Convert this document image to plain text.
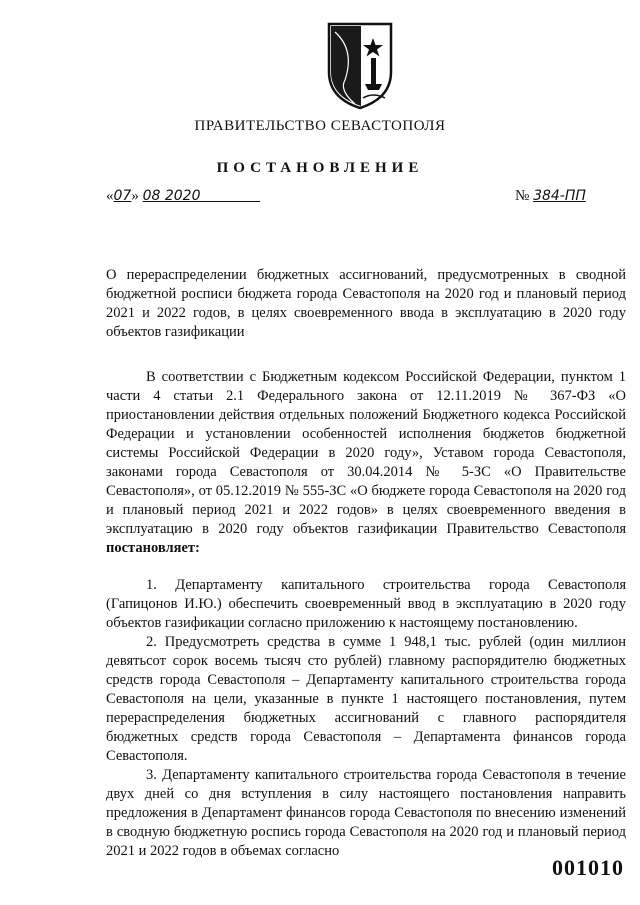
ПРАВИТЕЛЬСТВО СЕВАСТОПОЛЯ
ПОСТАНОВЛЕНИЕ
«07» 08 2020	№ 384-ПП
О перераспределении бюджетных ассигнований, предусмотренных в сводной бюджетной росписи бюджета города Севастополя на 2020 год и плановый период 2021 и 2022 годов, в целях своевременного ввода в эксплуатацию в 2020 году объектов газификации

В соответствии с Бюджетным кодексом Российской Федерации, пунктом 1 части 4 статьи 2.1 Федерального закона от 12.11.2019 № 367-ФЗ «О приостановлении действия отдельных положений Бюджетного кодекса Российской Федерации и установлении особенностей исполнения бюджетов бюджетной системы Российской Федерации в 2020 году», Уставом города Севастополя, законами города Севастополя от 30.04.2014 № 5-ЗС «О Правительстве Севастополя», от 05.12.2019 № 555-ЗС «О бюджете города Севастополя на 2020 год и плановый период 2021 и 2022 годов» в целях своевременного введения в эксплуатацию в 2020 году объектов газификации Правительство Севастополя постановляет:

1. Департаменту капитального строительства города Севастополя (Гапицонов И.Ю.) обеспечить своевременный ввод в эксплуатацию в 2020 году объектов газификации согласно приложению к настоящему постановлению.

2. Предусмотреть средства в сумме 1 948,1 тыс. рублей (один миллион девятьсот сорок восемь тысяч сто рублей) главному распорядителю бюджетных средств города Севастополя – Департаменту капитального строительства города Севастополя на цели, указанные в пункте 1 настоящего постановления, путем перераспределения бюджетных ассигнований с главного распорядителя бюджетных средств города Севастополя – Департамента финансов города Севастополя.

3. Департаменту капитального строительства города Севастополя в течение двух дней со дня вступления в силу настоящего постановления направить предложения в Департамент финансов города Севастополя по внесению изменений в сводную бюджетную роспись города Севастополя на 2020 год и плановый период 2021 и 2022 годов в объемах согласно

001010
